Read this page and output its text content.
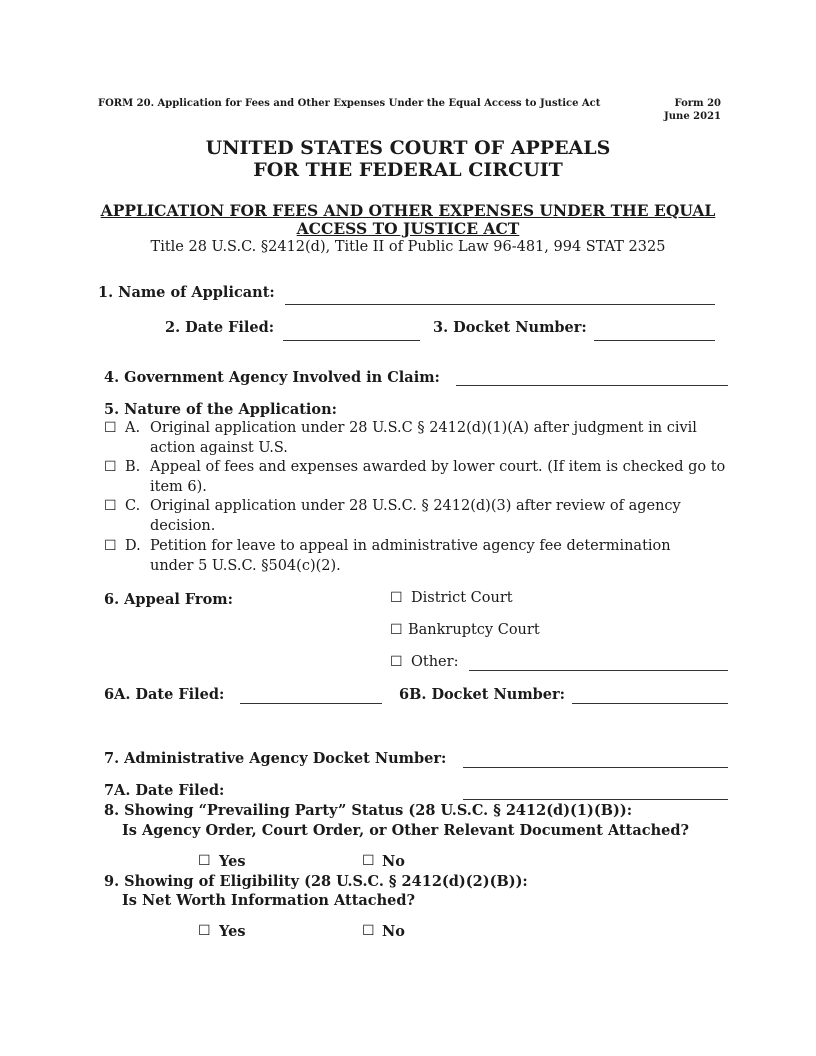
FORM 20. Application for Fees and Other Expenses Under the Equal Access to Justice Act	Form 20
June 2021
UNITED STATES COURT OF APPEALS
FOR THE FEDERAL CIRCUIT
APPLICATION FOR FEES AND OTHER EXPENSES UNDER THE EQUAL
ACCESS TO JUSTICE ACT
Title 28 U.S.C. §2412(d), Title II of Public Law 96-481, 994 STAT 2325
1. Name of Applicant:
2. Date Filed:	3. Docket Number:
4. Government Agency Involved in Claim:
5. Nature of the Application:
☐ A. Original application under 28 U.S.C § 2412(d)(1)(A) after judgment in civil
action against U.S.
☐ B. Appeal of fees and expenses awarded by lower court. (If item is checked go to
item 6).
☐ C. Original application under 28 U.S.C. § 2412(d)(3) after review of agency
decision.
☐ D. Petition for leave to appeal in administrative agency fee determination
under 5 U.S.C. §504(c)(2).
6. Appeal From:	☐ District Court
☐ Bankruptcy Court
☐ Other:
6A. Date Filed:	6B. Docket Number:
7. Administrative Agency Docket Number:
7A. Date Filed:
8. Showing “Prevailing Party” Status (28 U.S.C. § 2412(d)(1)(B)):
Is Agency Order, Court Order, or Other Relevant Document Attached?
☐ Yes	☐ No
9. Showing of Eligibility (28 U.S.C. § 2412(d)(2)(B)):
Is Net Worth Information Attached?
☐ Yes	☐ No
